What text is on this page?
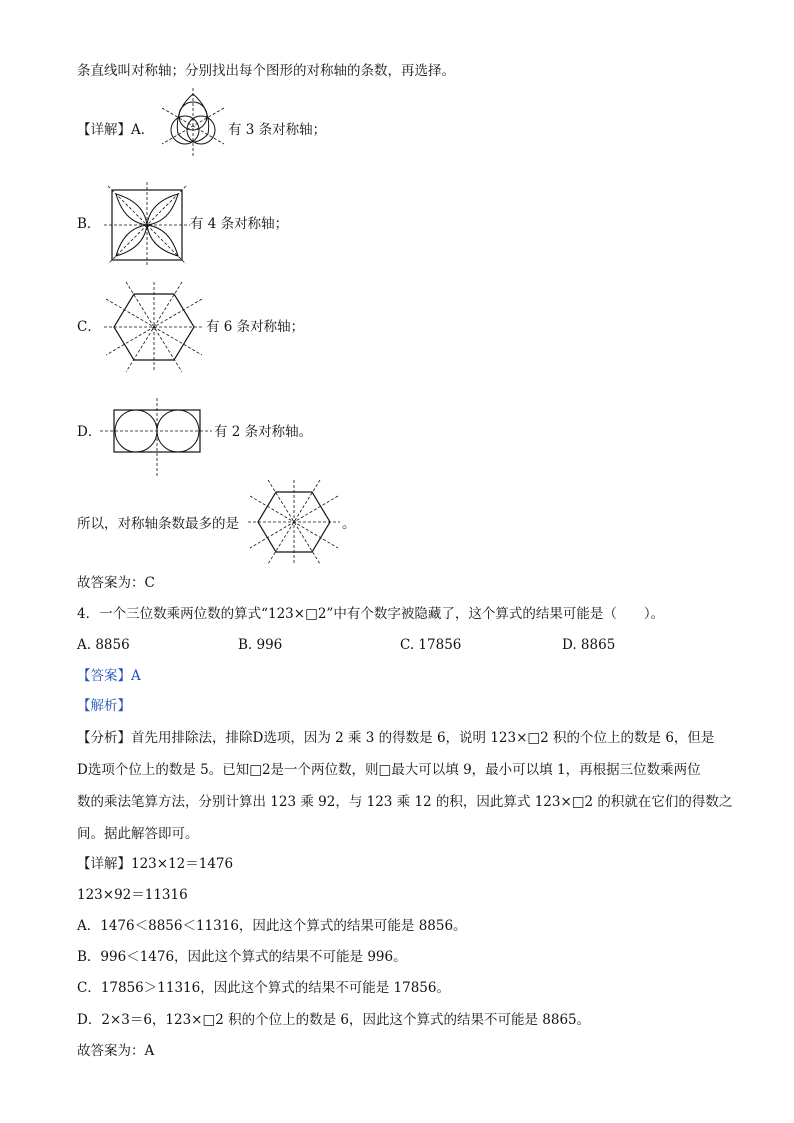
条直线叫对称轴；分别找出每个图形的对称轴的条数，再选择。
【详解】A．	有 3 条对称轴；
B．	有 4 条对称轴；
C．	有 6 条对称轴；
D．	有 2 条对称轴。
所以，对称轴条数最多的是	。
故答案为：C
4．一个三位数乘两位数的算式“123×□2”中有个数字被隐藏了，这个算式的结果可能是（　　）。
A. 8856	B. 996	C. 17856	D. 8865
【答案】A
【解析】
【分析】首先用排除法，排除D选项，因为 2 乘 3 的得数是 6，说明 123×□2 积的个位上的数是 6，但是
D选项个位上的数是 5。已知□2是一个两位数，则□最大可以填 9，最小可以填 1，再根据三位数乘两位
数的乘法笔算方法，分别计算出 123 乘 92，与 123 乘 12 的积，因此算式 123×□2 的积就在它们的得数之
间。据此解答即可。
【详解】123×12＝1476
123×92＝11316
A．1476＜8856＜11316，因此这个算式的结果可能是 8856。
B．996＜1476，因此这个算式的结果不可能是 996。
C．17856＞11316，因此这个算式的结果不可能是 17856。
D．2×3＝6，123×□2 积的个位上的数是 6，因此这个算式的结果不可能是 8865。
故答案为：A
